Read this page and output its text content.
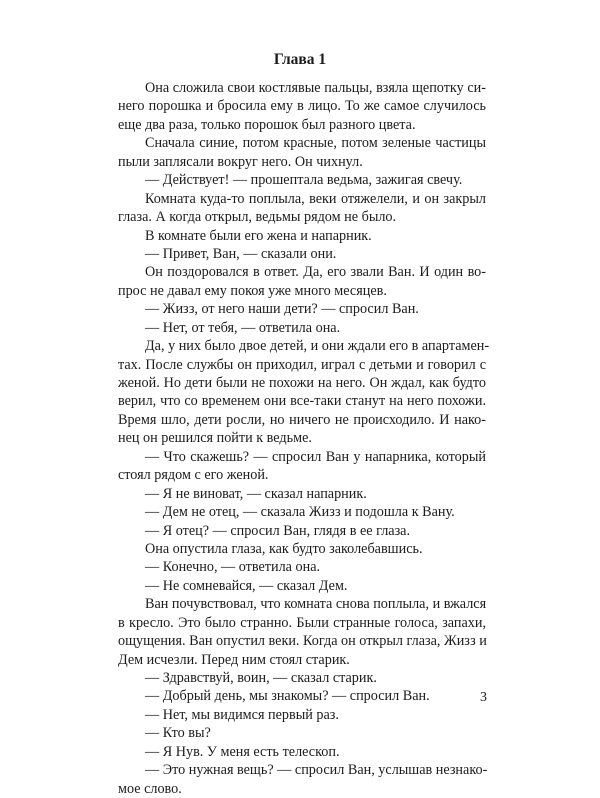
Глава 1
Она сложила свои костлявые пальцы, взяла щепотку си-
него порошка и бросила ему в лицо. То же самое случилось
еще два раза, только порошок был разного цвета.
Сначала синие, потом красные, потом зеленые частицы
пыли заплясали вокруг него. Он чихнул.
— Действует! — прошептала ведьма, зажигая свечу.
Комната куда-то поплыла, веки отяжелели, и он закрыл
глаза. А когда открыл, ведьмы рядом не было.
В комнате были его жена и напарник.
— Привет, Ван, — сказали они.
Он поздоровался в ответ. Да, его звали Ван. И один во-
прос не давал ему покоя уже много месяцев.
— Жизз, от него наши дети? — спросил Ван.
— Нет, от тебя, — ответила она.
Да, у них было двое детей, и они ждали его в апартамен-
тах. После службы он приходил, играл с детьми и говорил с
женой. Но дети были не похожи на него. Он ждал, как будто
верил, что со временем они все-таки станут на него похожи.
Время шло, дети росли, но ничего не происходило. И нако-
нец он решился пойти к ведьме.
— Что скажешь? — спросил Ван у напарника, который
стоял рядом с его женой.
— Я не виноват, — сказал напарник.
— Дем не отец, — сказала Жизз и подошла к Вану.
— Я отец? — спросил Ван, глядя в ее глаза.
Она опустила глаза, как будто заколебавшись.
— Конечно, — ответила она.
— Не сомневайся, — сказал Дем.
Ван почувствовал, что комната снова поплыла, и вжался
в кресло. Это было странно. Были странные голоса, запахи,
ощущения. Ван опустил веки. Когда он открыл глаза, Жизз и
Дем исчезли. Перед ним стоял старик.
— Здравствуй, воин, — сказал старик.
— Добрый день, мы знакомы? — спросил Ван.
— Нет, мы видимся первый раз.
— Кто вы?
— Я Нув. У меня есть телескоп.
— Это нужная вещь? — спросил Ван, услышав незнако-
мое слово.
3
